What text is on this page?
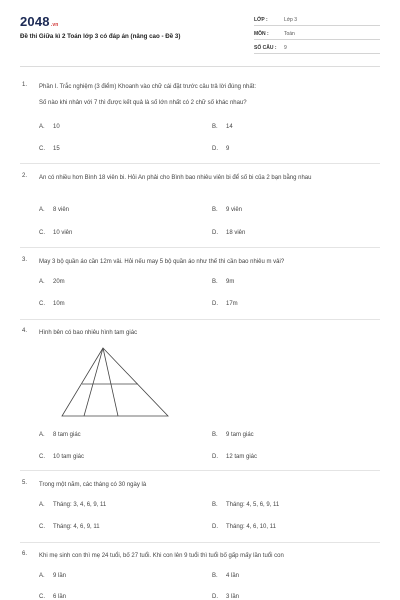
2048.vn
Đề thi Giữa kì 2 Toán lớp 3 có đáp án (nâng cao - Đề 3)
LỚP :	Lớp 3
MÔN :	Toán
SỐ CÂU : 9
1. Phần I. Trắc nghiệm (3 điểm) Khoanh vào chữ cái đặt trước câu trả lời đúng nhất:
Số nào khi nhân với 7 thì được kết quả là số lớn nhất có 2 chữ số khác nhau?
A. 10	B. 14
C. 15	D. 9
2. An có nhiều hơn Bình 18 viên bi. Hỏi An phải cho Bình bao nhiêu viên bi để số bi của 2 bạn bằng nhau
A. 8 viên	B. 9 viên
C. 10 viên	D. 18 viên
3. May 3 bộ quần áo cần 12m vải. Hỏi nếu may 5 bộ quần áo như thế thì cần bao nhiêu m vải?
A. 20m	B. 9m
C. 10m	D. 17m
4. Hình bên có bao nhiêu hình tam giác
A. 8 tam giác	B. 9 tam giác
C. 10 tam giác	D. 12 tam giác
5. Trong một năm, các tháng có 30 ngày là
A. Tháng: 3, 4, 6, 9, 11	B. Tháng: 4, 5, 6, 9, 11
C. Tháng: 4, 6, 9, 11	D. Tháng: 4, 6, 10, 11
6. Khi mẹ sinh con thì mẹ 24 tuổi, bố 27 tuổi. Khi con lên 9 tuổi thì tuổi bố gấp mấy lần tuổi con
A. 9 lần	B. 4 lần
C. 6 lần	D. 3 lần
